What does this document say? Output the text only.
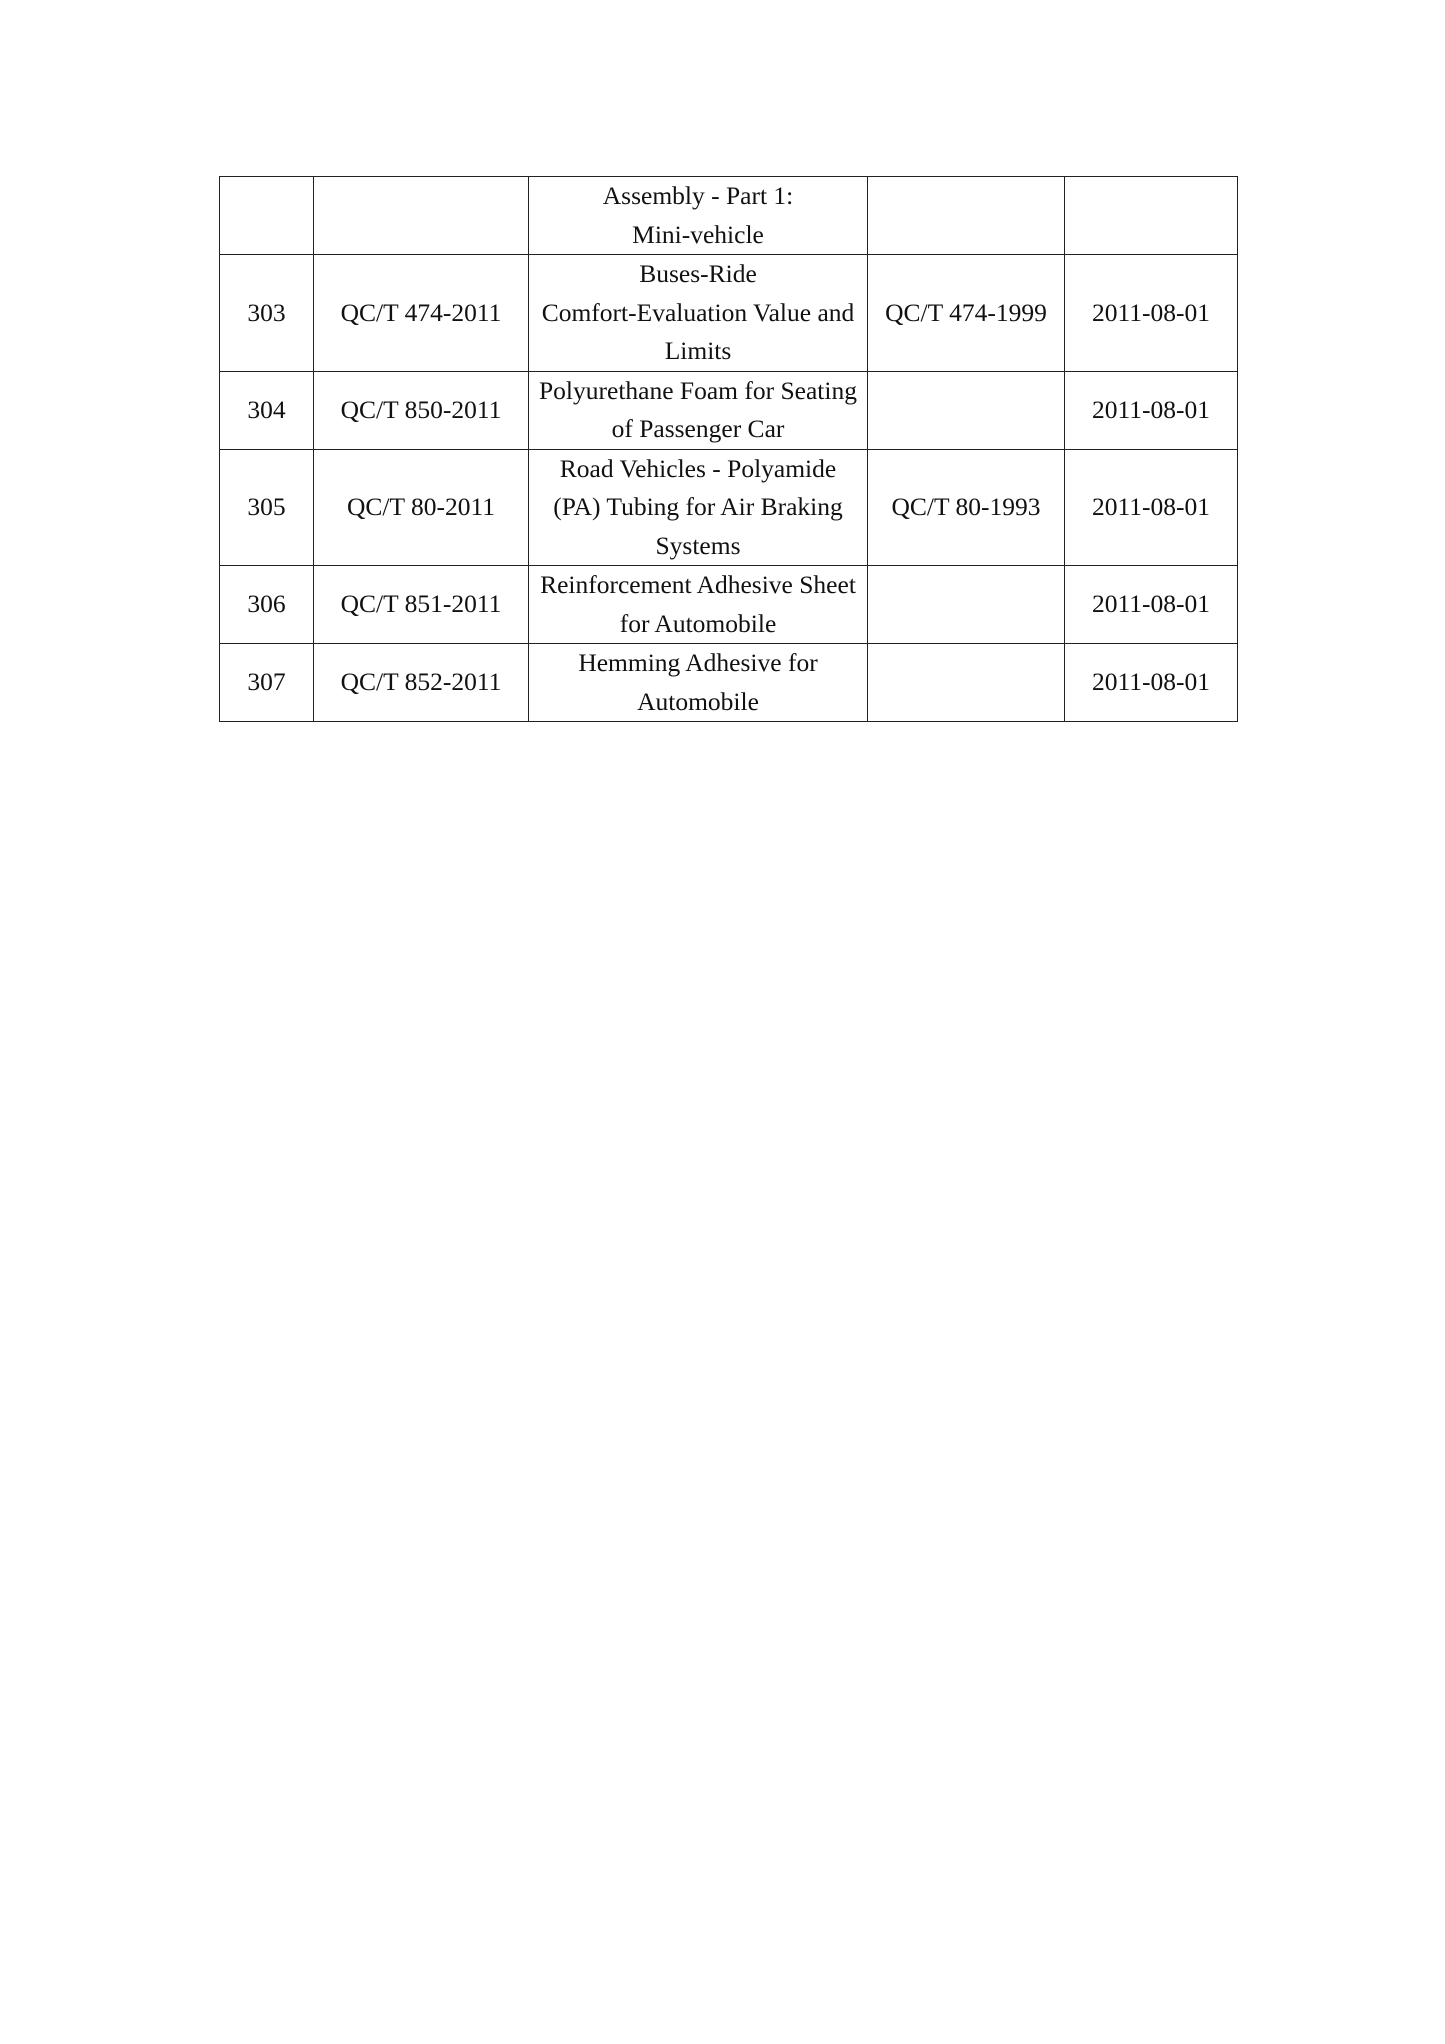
		Assembly - Part 1:
Mini-vehicle		

303	QC/T 474-2011	Buses-Ride
Comfort-Evaluation Value and
Limits	QC/T 474-1999	2011-08-01
304	QC/T 850-2011	Polyurethane Foam for Seating
of Passenger Car		2011-08-01
305	QC/T 80-2011	Road Vehicles - Polyamide
(PA) Tubing for Air Braking
Systems	QC/T 80-1993	2011-08-01
306	QC/T 851-2011	Reinforcement Adhesive Sheet
for Automobile		2011-08-01
307	QC/T 852-2011	Hemming Adhesive for
Automobile		2011-08-01
